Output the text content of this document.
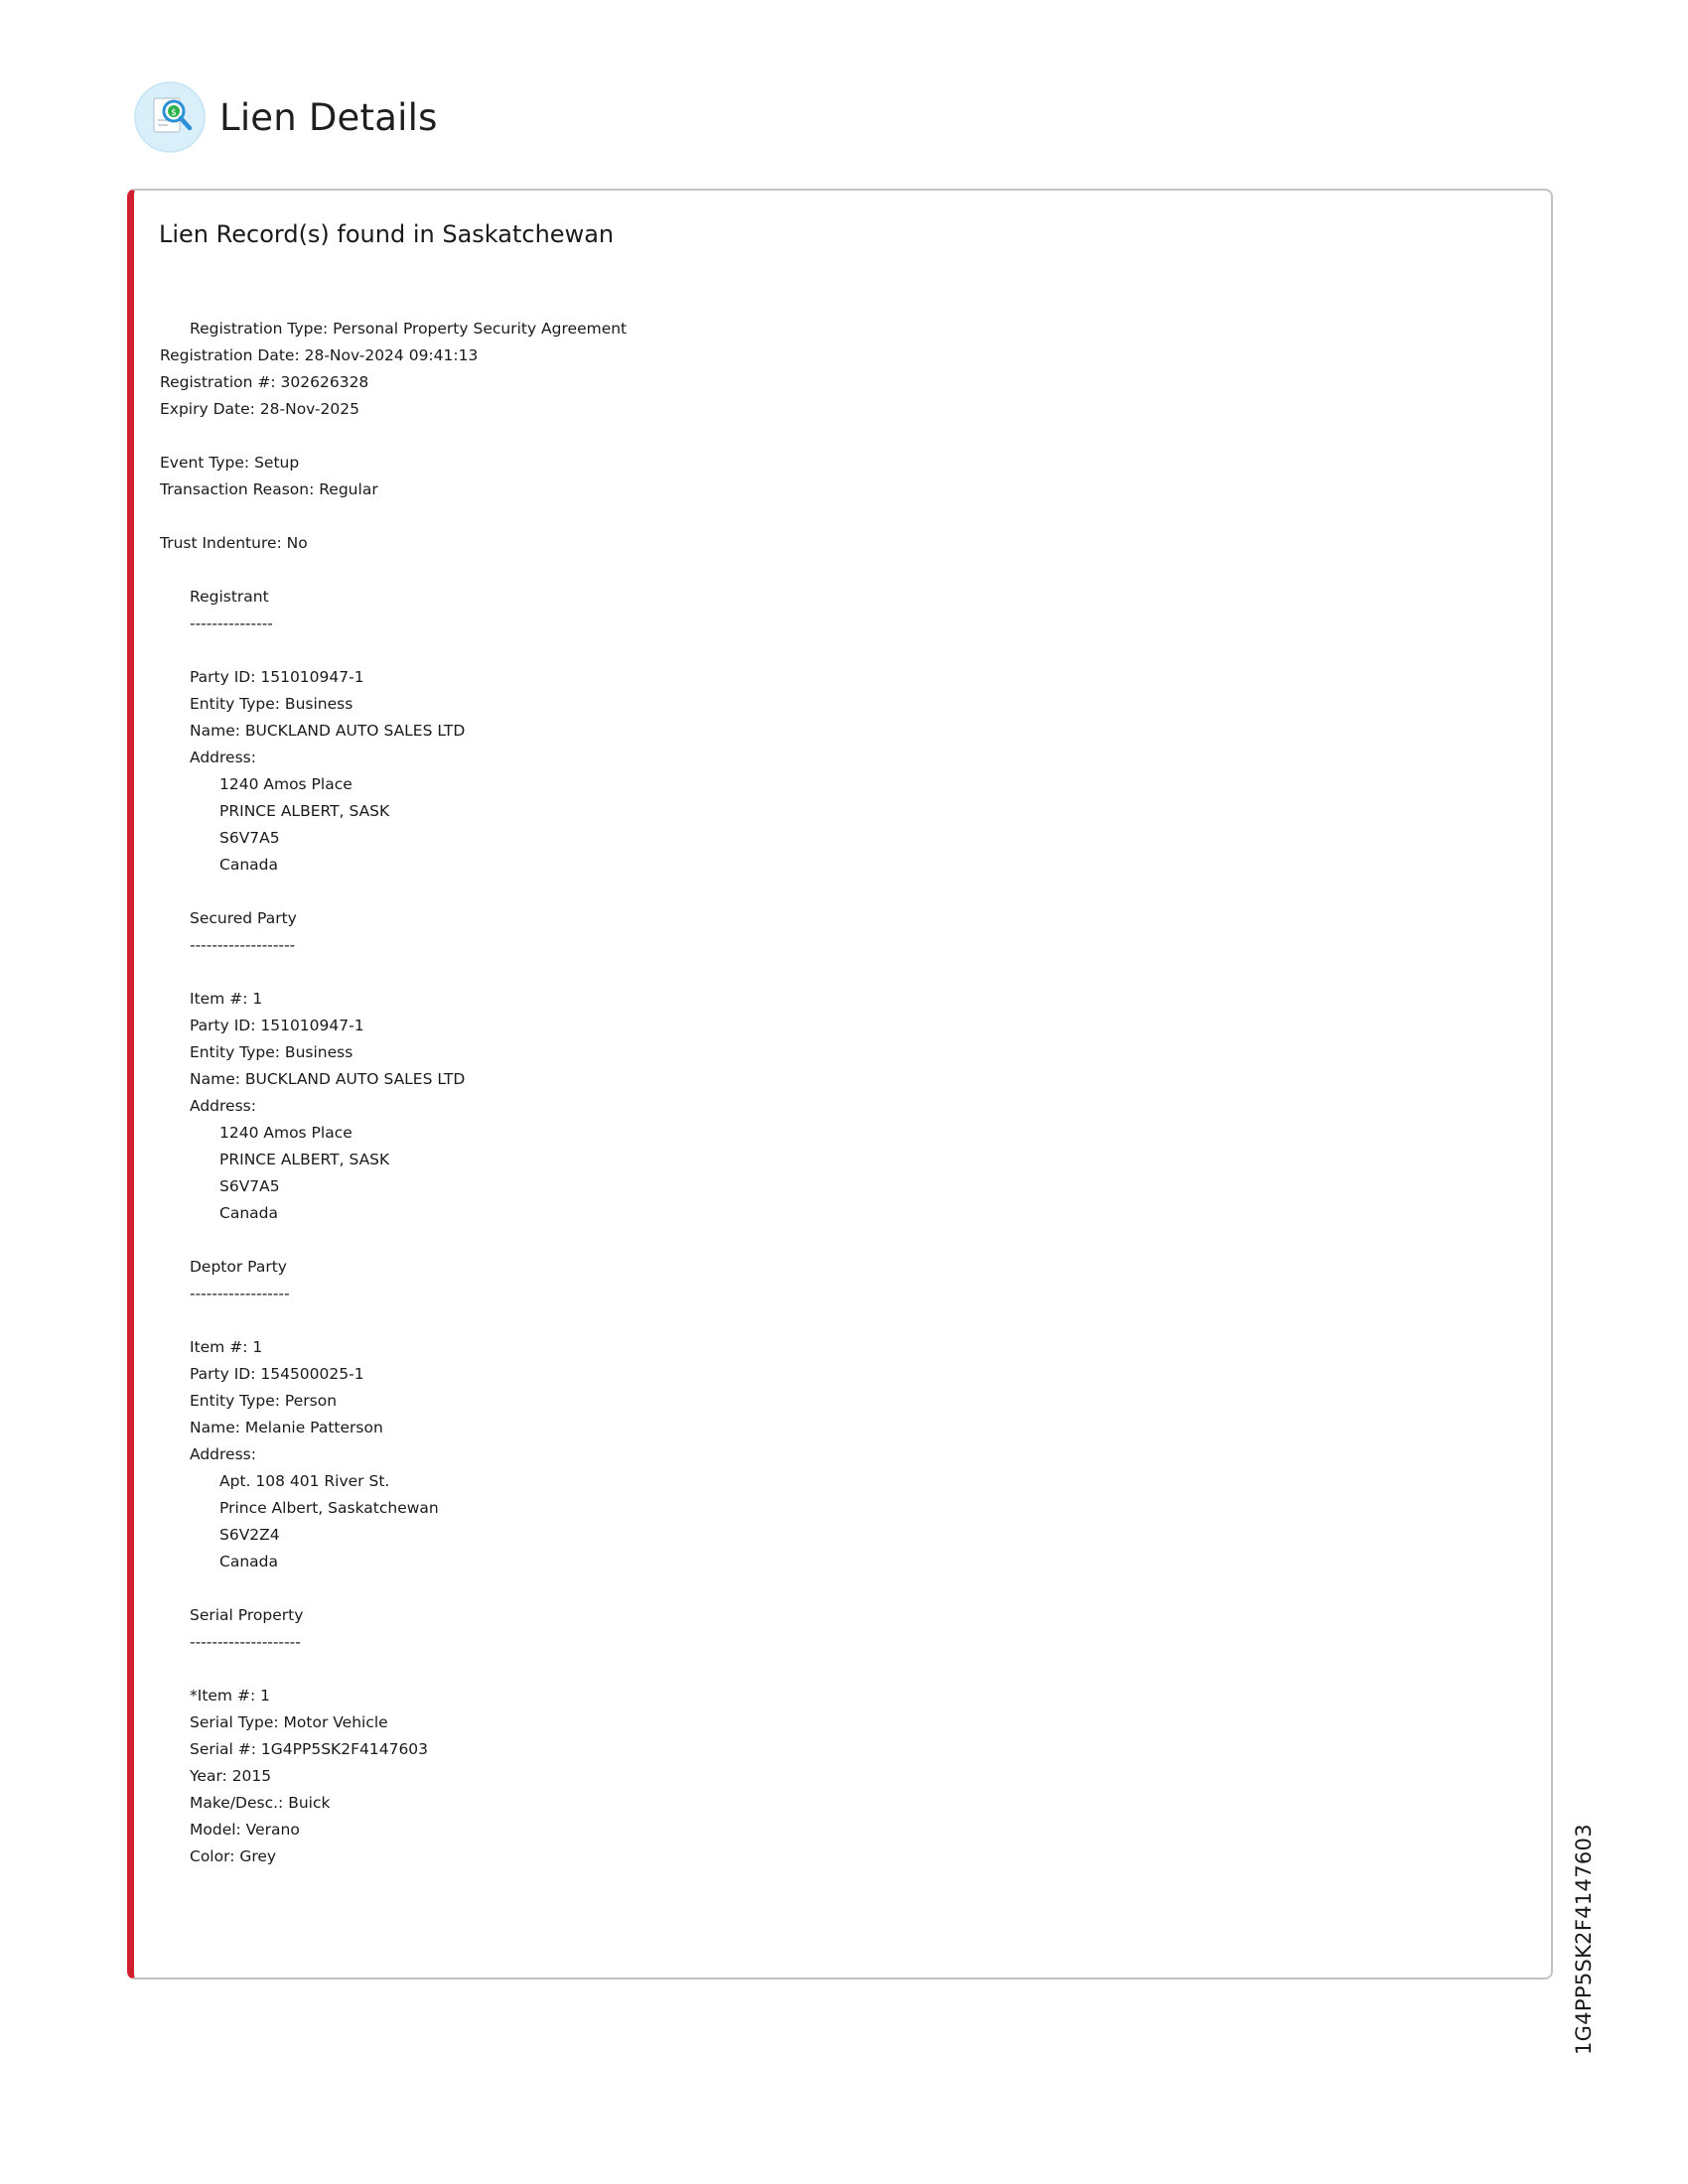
$ Lien Details
Lien Record(s) found in Saskatchewan
Registration Type: Personal Property Security Agreement
Registration Date: 28-Nov-2024 09:41:13
Registration #: 302626328
Expiry Date: 28-Nov-2025
Event Type: Setup
Transaction Reason: Regular
Trust Indenture: No
Registrant
---------------
Party ID: 151010947-1
Entity Type: Business
Name: BUCKLAND AUTO SALES LTD
Address:
1240 Amos Place
PRINCE ALBERT, SASK
S6V7A5
Canada
Secured Party
-------------------
Item #: 1
Party ID: 151010947-1
Entity Type: Business
Name: BUCKLAND AUTO SALES LTD
Address:
1240 Amos Place
PRINCE ALBERT, SASK
S6V7A5
Canada
Deptor Party
------------------
Item #: 1
Party ID: 154500025-1
Entity Type: Person
Name: Melanie Patterson
Address:
Apt. 108 401 River St.
Prince Albert, Saskatchewan
S6V2Z4
Canada
Serial Property
--------------------
*Item #: 1
Serial Type: Motor Vehicle
Serial #: 1G4PP5SK2F4147603
Year: 2015
Make/Desc.: Buick
Model: Verano
Color: Grey	1G4PP5SK2F4147603
